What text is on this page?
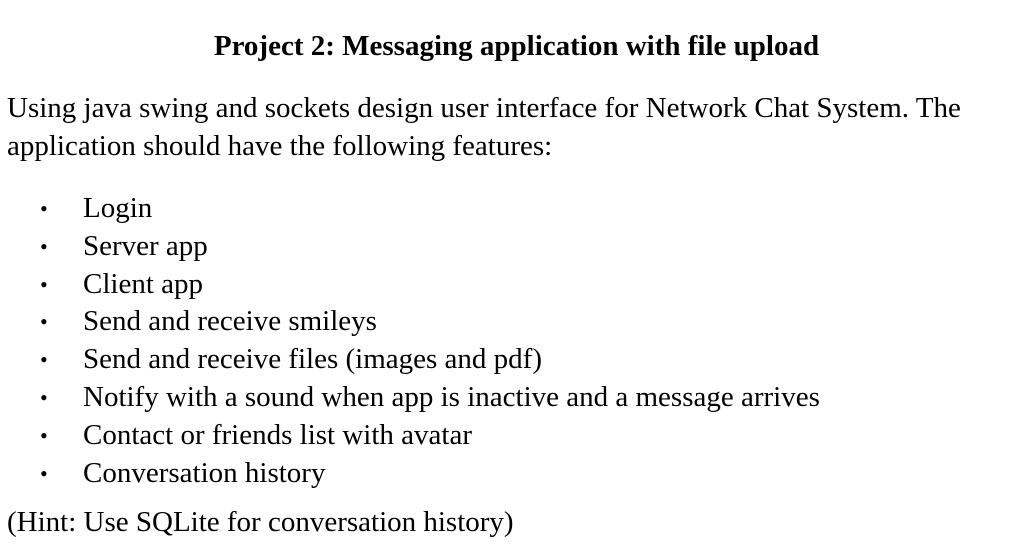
Project 2: Messaging application with file upload

Using java swing and sockets design user interface for Network Chat System. The
application should have the following features:

• Login
• Server app
• Client app
• Send and receive smileys
• Send and receive files (images and pdf)
• Notify with a sound when app is inactive and a message arrives
• Contact or friends list with avatar
• Conversation history

(Hint: Use SQLite for conversation history)
